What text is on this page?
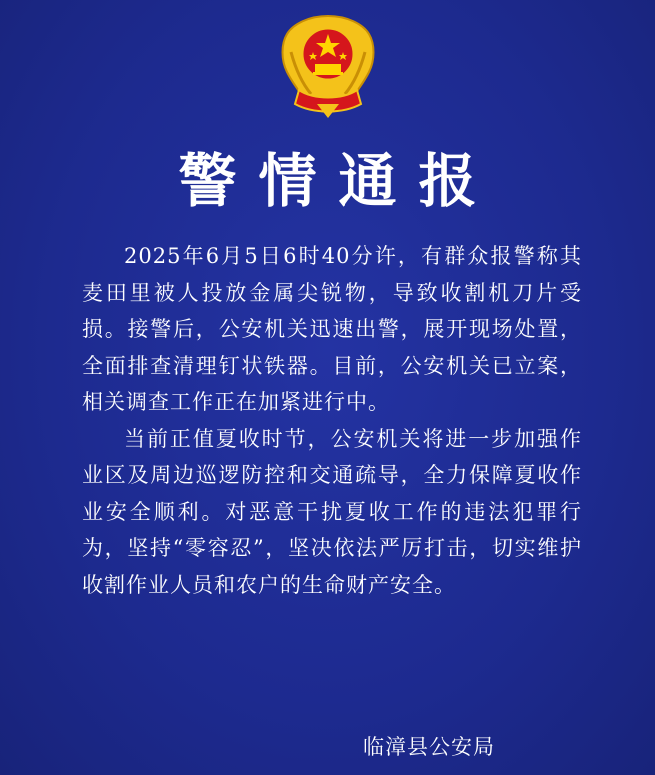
警情通报

2025年6月5日6时40分许，有群众报警称其麦田里被人投放金属尖锐物，导致收割机刀片受损。接警后，公安机关迅速出警，展开现场处置，全面排查清理钉状铁器。目前，公安机关已立案，相关调查工作正在加紧进行中。

当前正值夏收时节，公安机关将进一步加强作业区及周边巡逻防控和交通疏导，全力保障夏收作业安全顺利。对恶意干扰夏收工作的违法犯罪行为，坚持“零容忍”，坚决依法严厉打击，切实维护收割作业人员和农户的生命财产安全。

临漳县公安局
